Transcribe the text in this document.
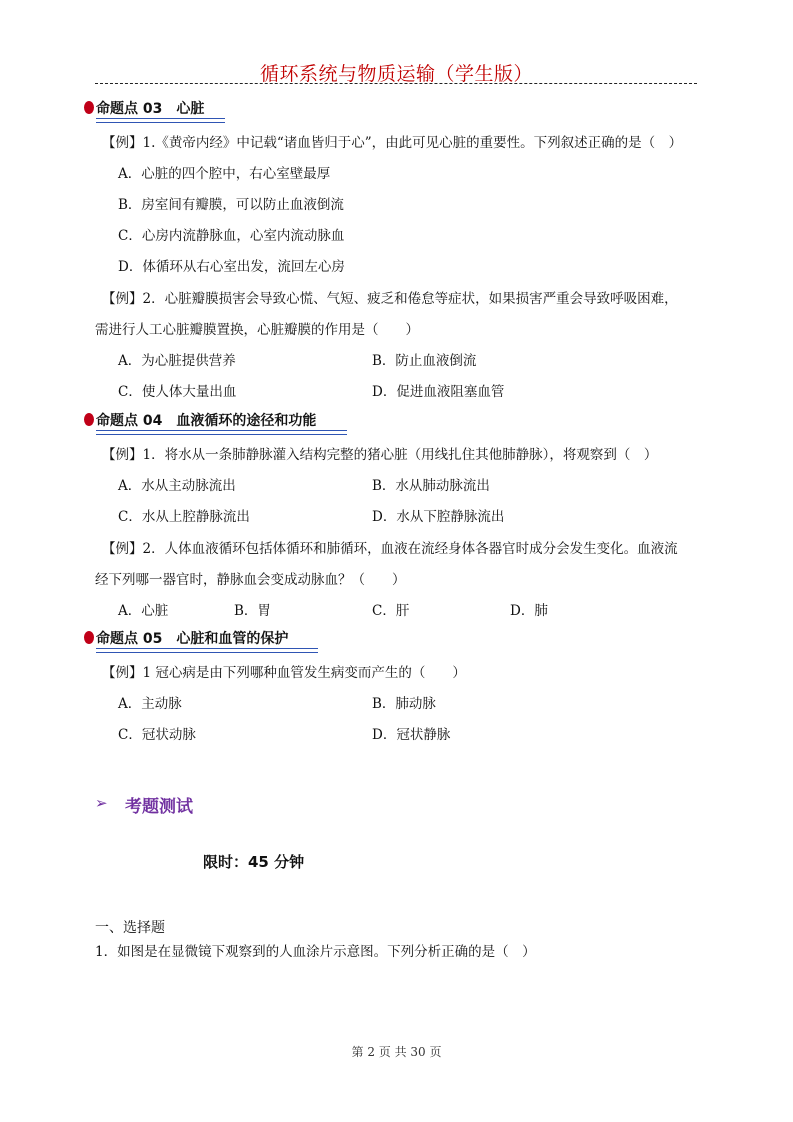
循环系统与物质运输（学生版）
命题点 03　心脏
【例】1.《黄帝内经》中记载“诸血皆归于心”，由此可见心脏的重要性。下列叙述正确的是（　）
A．心脏的四个腔中，右心室壁最厚
B．房室间有瓣膜，可以防止血液倒流
C．心房内流静脉血，心室内流动脉血
D．体循环从右心室出发，流回左心房
【例】2．心脏瓣膜损害会导致心慌、气短、疲乏和倦怠等症状，如果损害严重会导致呼吸困难，
需进行人工心脏瓣膜置换，心脏瓣膜的作用是（　　）
A．为心脏提供营养	B．防止血液倒流
C．使人体大量出血	D．促进血液阻塞血管
命题点 04　血液循环的途径和功能
【例】1．将水从一条肺静脉灌入结构完整的猪心脏（用线扎住其他肺静脉），将观察到（　）
A．水从主动脉流出	B．水从肺动脉流出
C．水从上腔静脉流出	D．水从下腔静脉流出
【例】2．人体血液循环包括体循环和肺循环，血液在流经身体各器官时成分会发生变化。血液流
经下列哪一器官时，静脉血会变成动脉血？（　　）
A．心脏	B．胃	C．肝	D．肺
命题点 05　心脏和血管的保护
【例】1 冠心病是由下列哪种血管发生病变而产生的（　　）
A．主动脉	B．肺动脉
C．冠状动脉	D．冠状静脉
➢ 考题测试
限时：45 分钟
一、选择题
1．如图是在显微镜下观察到的人血涂片示意图。下列分析正确的是（　）
第 2 页 共 30 页
